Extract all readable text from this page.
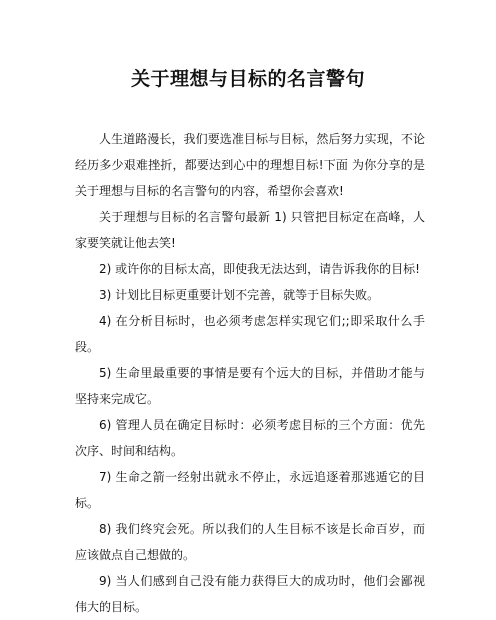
关于理想与目标的名言警句

人生道路漫长，我们要选准目标与目标，然后努力实现，不论经历多少艰难挫折，都要达到心中的理想目标!下面 为你分享的是关于理想与目标的名言警句的内容，希望你会喜欢!

关于理想与目标的名言警句最新 1) 只管把目标定在高峰，人家要笑就让他去笑!

2) 或许你的目标太高，即使我无法达到，请告诉我你的目标!

3) 计划比目标更重要计划不完善，就等于目标失败。

4) 在分析目标时，也必须考虑怎样实现它们;;即采取什么手段。

5) 生命里最重要的事情是要有个远大的目标，并借助才能与坚持来完成它。

6) 管理人员在确定目标时：必须考虑目标的三个方面：优先次序、时间和结构。

7) 生命之箭一经射出就永不停止，永远追逐着那逃遁它的目标。

8) 我们终究会死。所以我们的人生目标不该是长命百岁，而应该做点自己想做的。

9) 当人们感到自己没有能力获得巨大的成功时，他们会鄙视伟大的目标。
